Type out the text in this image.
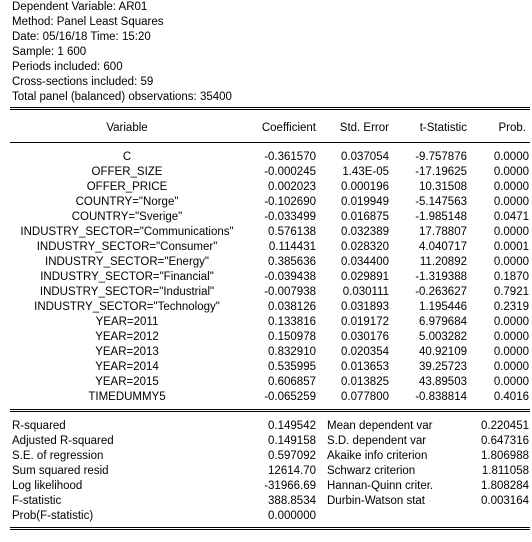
Dependent Variable: AR01
Method: Panel Least Squares
Date: 05/16/18 Time: 15:20
Sample: 1 600
Periods included: 600
Cross-sections included: 59
Total panel (balanced) observations: 35400
Variable	Coefficient Std. Error	t-Statistic	Prob.
C	-0.361570 0.037054 -9.757876 0.0000
OFFER_SIZE	-0.000245 1.43E-05 -17.19625 0.0000
OFFER_PRICE	0.002023 0.000196	10.31508 0.0000
COUNTRY="Norge"	-0.102690 0.019949 -5.147563 0.0000
COUNTRY="Sverige"	-0.033499 0.016875 -1.985148 0.0471
INDUSTRY_SECTOR="Communications"	0.576138 0.032389	17.78807 0.0000
INDUSTRY_SECTOR="Consumer"	0.114431 0.028320	4.040717 0.0001
INDUSTRY_SECTOR="Energy"	0.385636 0.034400	11.20892 0.0000
INDUSTRY_SECTOR="Financial"	-0.039438 0.029891 -1.319388 0.1870
INDUSTRY_SECTOR="Industrial"	-0.007938 0.030111 -0.263627 0.7921
INDUSTRY_SECTOR="Technology"	0.038126 0.031893	1.195446 0.2319
YEAR=2011	0.133816 0.019172	6.979684 0.0000
YEAR=2012	0.150978 0.030176	5.003282 0.0000
YEAR=2013	0.832910 0.020354	40.92109 0.0000
YEAR=2014	0.535995 0.013653	39.25723 0.0000
YEAR=2015	0.606857 0.013825	43.89503 0.0000
TIMEDUMMY5	-0.065259 0.077800 -0.838814 0.4016
R-squared	0.149542 Mean dependent var	0.220451
Adjusted R-squared	0.149158 S.D. dependent var	0.647316
S.E. of regression	0.597092 Akaike info criterion	1.806988
Sum squared resid	12614.70 Schwarz criterion	1.811058
Log likelihood	-31966.69 Hannan-Quinn criter.	1.808284
F-statistic	388.8534 Durbin-Watson stat	0.003164
Prob(F-statistic)	0.000000
